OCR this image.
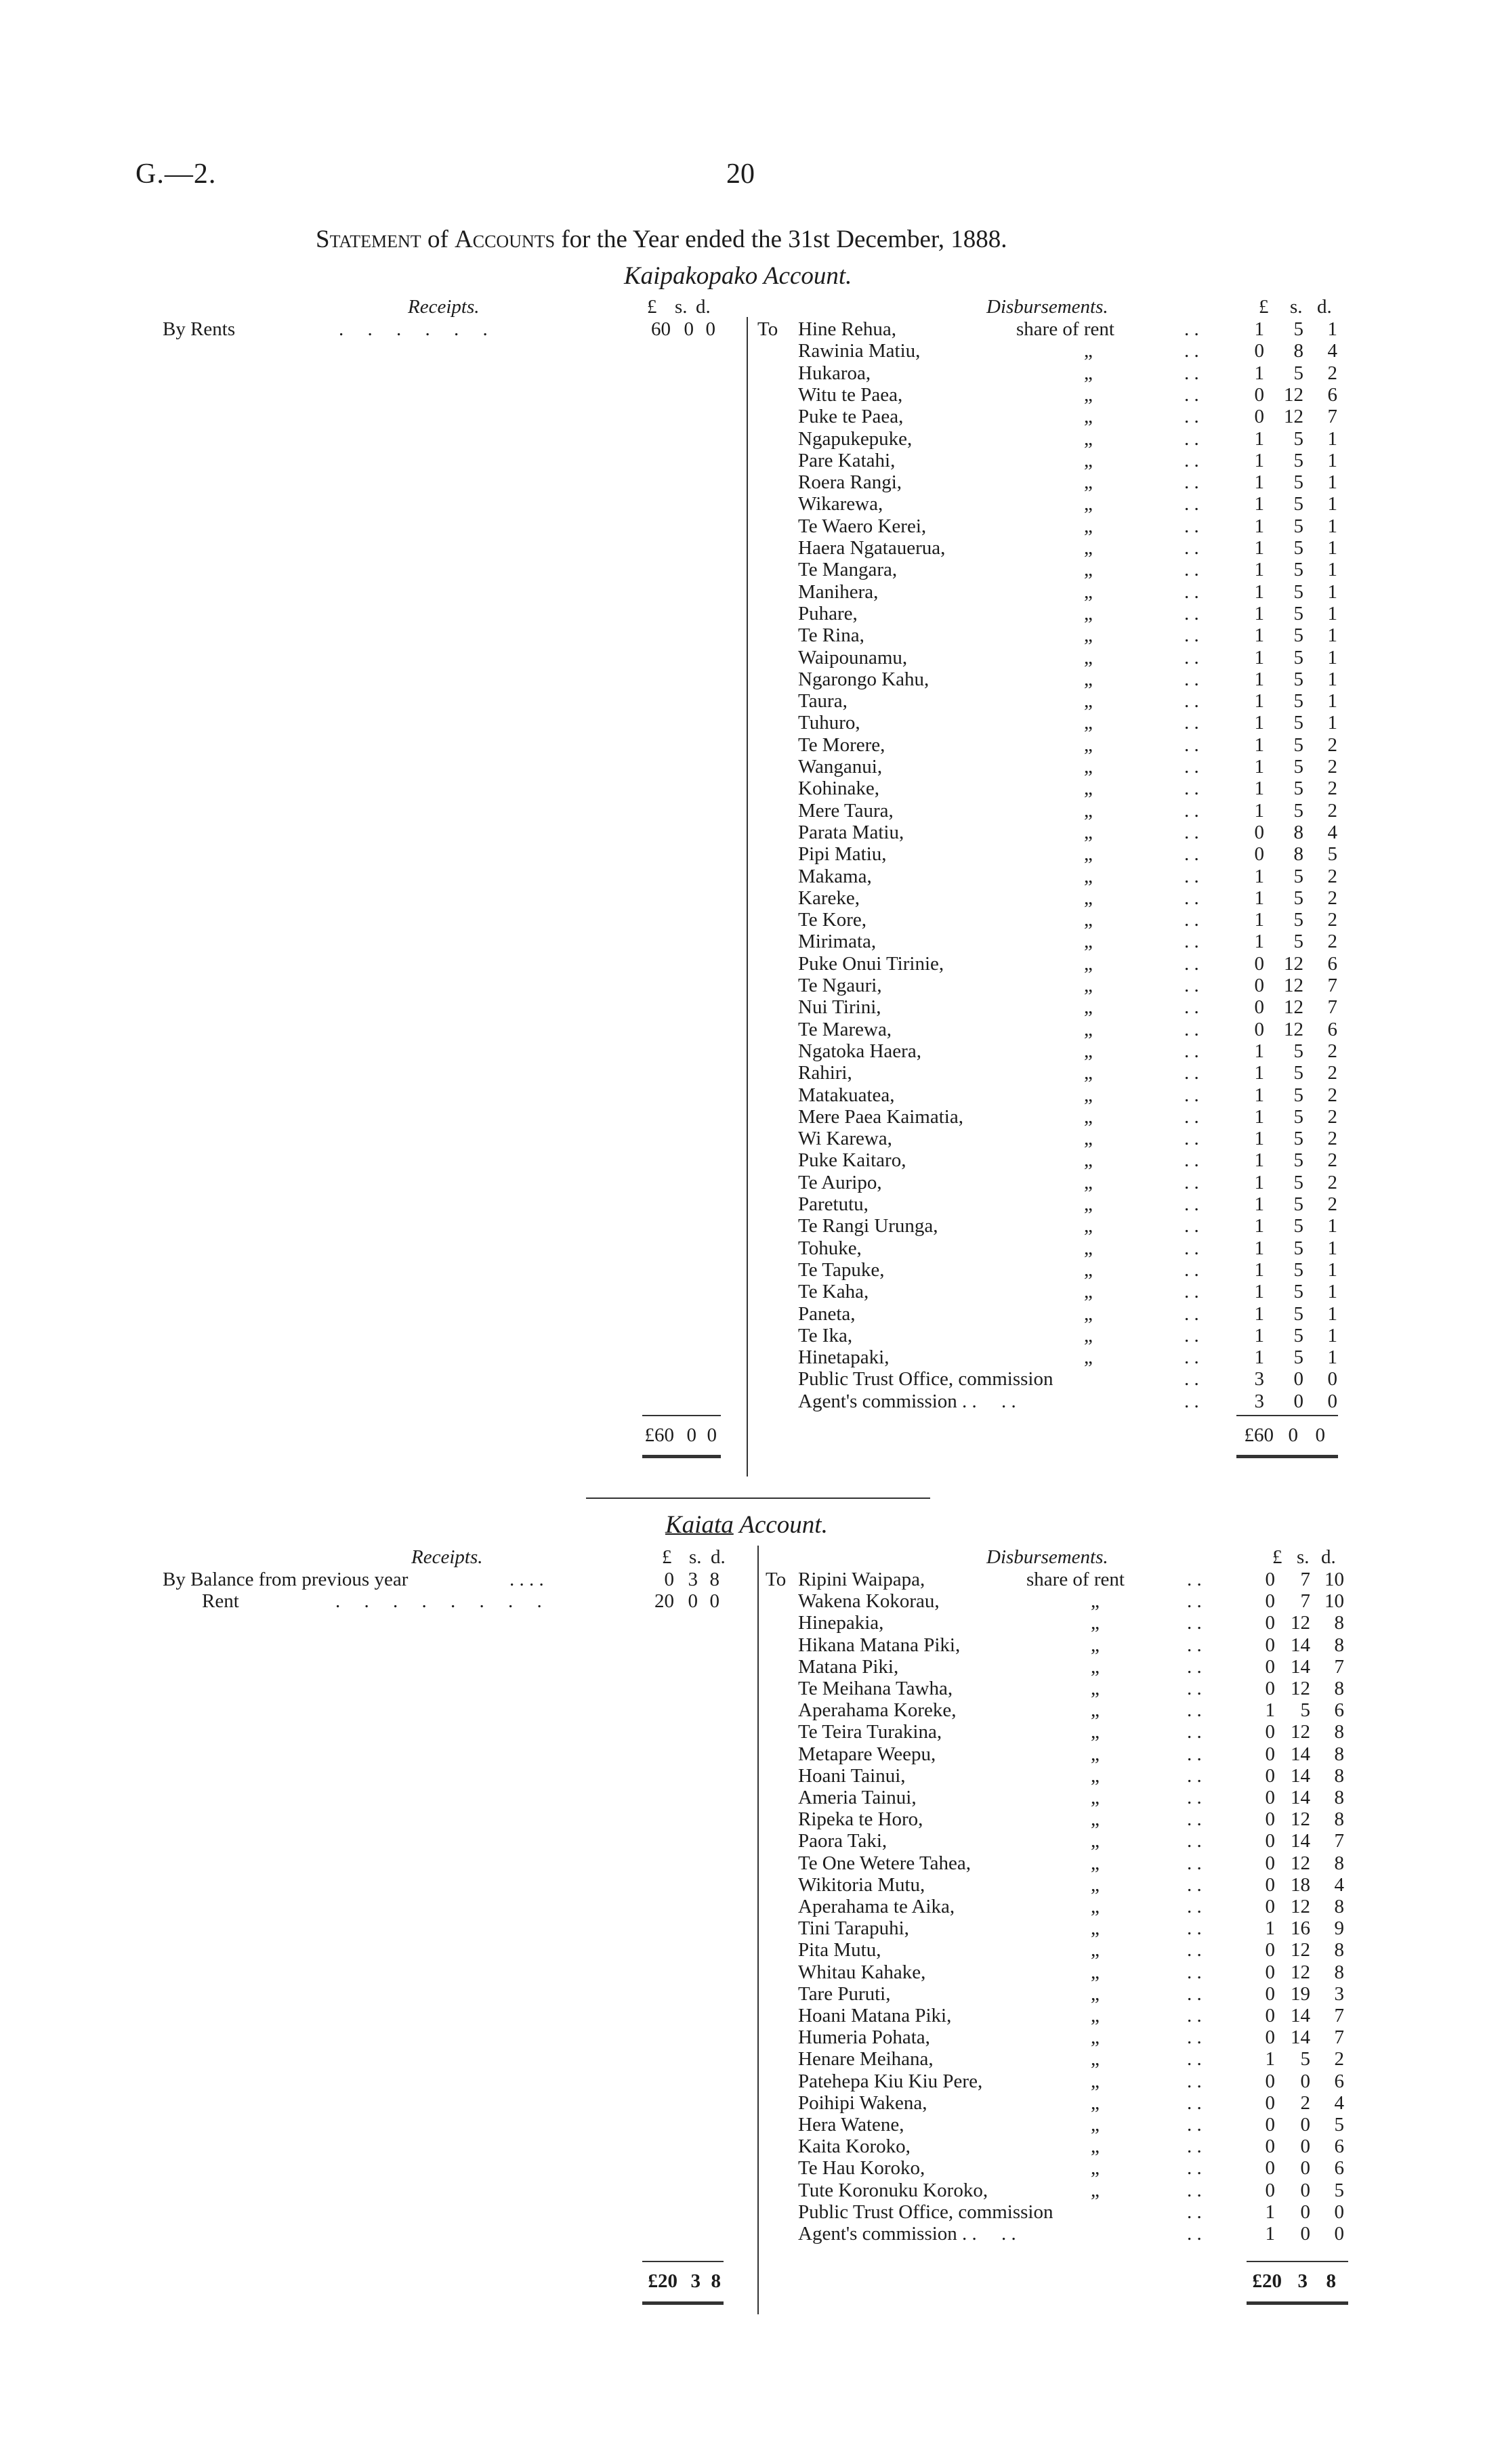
G.—2.	20
Statement of Accounts for the Year ended the 31st December, 1888.
Kaipakopako Account.
Receipts.	£ s. d.	Disbursements.	£ s. d.
By Rents	. . . . . .	60 0 0 To Hine Rehua,	share of rent	. .	1	5	1
Rawinia Matiu,	„	. .	0	8	4
Hukaroa,	„	. .	1	5	2
Witu te Paea,	„	. .	0 12	6
Puke te Paea,	„	. .	0 12	7
Ngapukepuke,	„	. .	1	5	1
Pare Katahi,	„	. .	1	5	1
Roera Rangi,	„	. .	1	5	1
Wikarewa,	„	. .	1	5	1
Te Waero Kerei,	„	. .	1	5	1
Haera Ngataueruа,	„	. .	1	5	1
Te Mangara,	„	. .	1	5	1
Manihera,	„	. .	1	5	1
Puhare,	„	. .	1	5	1
Te Rina,	„	. .	1	5	1
Waipounamu,	„	. .	1	5	1
Ngarongo Kahu,	„	. .	1	5	1
Taura,	„	. .	1	5	1
Tuhuro,	„	. .	1	5	1
Te Morere,	„	. .	1	5	2
Wanganui,	„	. .	1	5	2
Kohinake,	„	. .	1	5	2
Mere Taura,	„	. .	1	5	2
Parata Matiu,	„	. .	0	8	4
Pipi Matiu,	„	. .	0	8	5
Makama,	„	. .	1	5	2
Kareke,	„	. .	1	5	2
Te Kore,	„	. .	1	5	2
Mirimata,	„	. .	1	5	2
Puke Onui Tirinie,	„	. .	0 12	6
Te Ngauri,	„	. .	0 12	7
Nui Tirini,	„	. .	0 12	7
Te Marewa,	„	. .	0 12	6
Ngatoka Haera,	„	. .	1	5	2
Rahiri,	„	. .	1	5	2
Matakuatea,	„	. .	1	5	2
Mere Paea Kaimatia,	„	. .	1	5	2
Wi Karewa,	„	. .	1	5	2
Puke Kaitaro,	„	. .	1	5	2
Te Auripo,	„	. .	1	5	2
Paretutu,	„	. .	1	5	2
Te Rangi Urunga,	„	. .	1	5	1
Tohuke,	„	. .	1	5	1
Te Tapuke,	„	. .	1	5	1
Te Kaha,	„	. .	1	5	1
Paneta,	„	. .	1	5	1
Te Ika,	„	. .	1	5	1
Hinetapaki,	„	. .	1	5	1
Public Trust Office, commission	. .	3	0	0
Agent's commission . .     . .	. .	3	0	0
£60 0 0	£60 0 0
Kaiata Account.
Receipts.	£ s. d.	Disbursements.	£ s. d.
By Balance from previous year	. . . .	0 3 8
Rent	. . . . . . . .	20 0 0
To Ripini Waipapa,	share of rent	. .	0	7 10
Wakena Kokorau,	„	. .	0	7 10
Hinepakia,	„	. .	0 12	8
Hikana Matana Piki,	„	. .	0 14	8
Matana Piki,	„	. .	0 14	7
Te Meihana Tawha,	„	. .	0 12	8
Aperahama Koreke,	„	. .	1	5	6
Te Teira Turakina,	„	. .	0 12	8
Metapare Weepu,	„	. .	0 14	8
Hoani Tainui,	„	. .	0 14	8
Ameria Tainui,	„	. .	0 14	8
Ripeka te Horo,	„	. .	0 12	8
Paora Taki,	„	. .	0 14	7
Te One Wetere Tahea,	„	. .	0 12	8
Wikitoria Mutu,	„	. .	0 18	4
Aperahama te Aika,	„	. .	0 12	8
Tini Tarapuhi,	„	. .	1 16	9
Pita Mutu,	„	. .	0 12	8
Whitau Kahake,	„	. .	0 12	8
Tare Puruti,	„	. .	0 19	3
Hoani Matana Piki,	„	. .	0 14	7
Humeria Pohata,	„	. .	0 14	7
Henare Meihana,	„	. .	1	5	2
Patehepa Kiu Kiu Pere,	„	. .	0	0	6
Poihipi Wakena,	„	. .	0	2	4
Hera Watene,	„	. .	0	0	5
Kaita Koroko,	„	. .	0	0	6
Te Hau Koroko,	„	. .	0	0	6
Tute Koronuku Koroko,	„	. .	0	0	5
Public Trust Office, commission	. .	1	0	0
Agent's commission . .     . .	. .	1	0	0
£20 3 8	£20 3 8
